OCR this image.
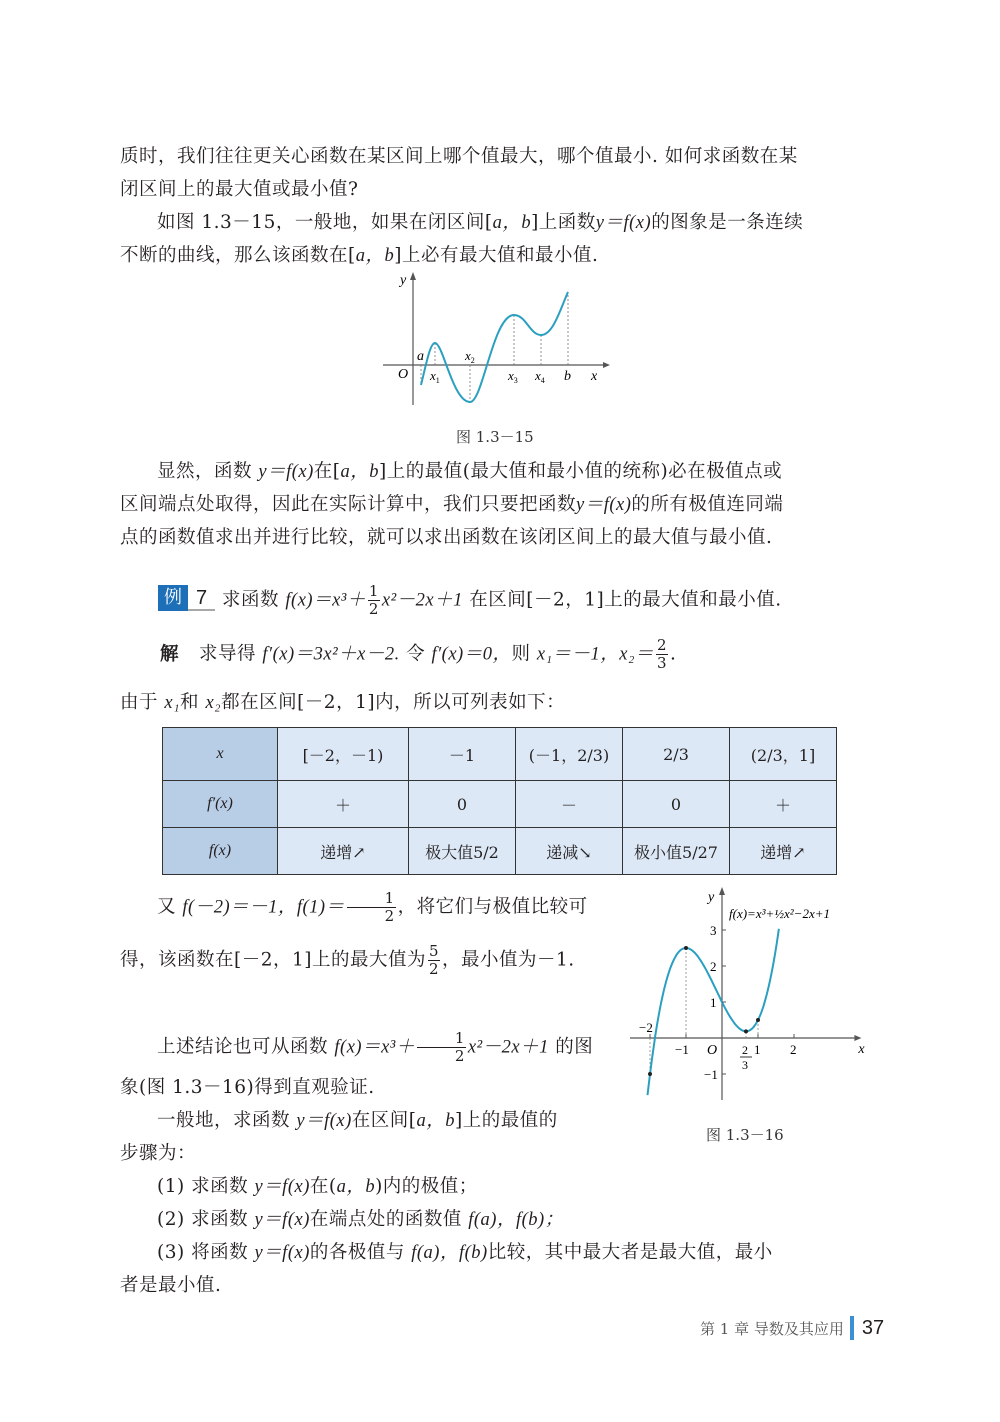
质时，我们往往更关心函数在某区间上哪个值最大，哪个值最小. 如何求函数在某
闭区间上的最大值或最小值?
如图 1.3－15，一般地，如果在闭区间[a，b]上函数y＝f(x)的图象是一条连续
不断的曲线，那么该函数在[a，b]上必有最大值和最小值.
y
O
a
$x_1$
$x_2$
$x_3$ $x_4$ b x
图 1.3－15
显然，函数 y＝f(x)在[a，b]上的最值(最大值和最小值的统称)必在极值点或
区间端点处取得，因此在实际计算中，我们只要把函数y＝f(x)的所有极值连同端
点的函数值求出并进行比较，就可以求出函数在该闭区间上的最大值与最小值.
例 7 求函数 $f(x)=x^3+ \frac{1}{2} x^2-2x+1$ 在区间[－2，1]上的最大值和最小值.
解 求导得 f′(x)＝3x²＋x－2. 令 f′(x)＝0，则 x₁＝－1，$x_2= \frac{2}{3}$ .
由于 x₁和 x₂都在区间[－2，1]内，所以可列表如下：
x	[－2，－1)	－1	(－1，2/3)	2/3	(2/3，1]
f′(x)	＋	0	－	0	＋
f(x)	递增↗	极大值5/2	递减↘	极小值5/27	递增↗
又 f(－2)＝－1，$f(1)= \frac{1}{2}$ ，将它们与极值比较可
得，该函数在[－2，1]上的最大值为 $\frac{5}{2}$ ，最小值为－1.
上述结论也可从函数 $f(x)=x^3+ \frac{1}{2} x^2-2x+1$ 的图
象(图 1.3－16)得到直观验证.
一般地，求函数 y＝f(x)在区间[a，b]上的最值的
步骤为：
(1) 求函数 y＝f(x)在(a，b)内的极值；
(2) 求函数 y＝f(x)在端点处的函数值 f(a)，f(b)；
(3) 将函数 y＝f(x)的各极值与 f(a)，f(b)比较，其中最大者是最大值，最小
者是最小值.
x
y
O
−2
−1	1 2
2
3
−1
1
2
3
f(x)=x³+½x²−2x+1
图 1.3－16
第 1 章 导数及其应用 37
